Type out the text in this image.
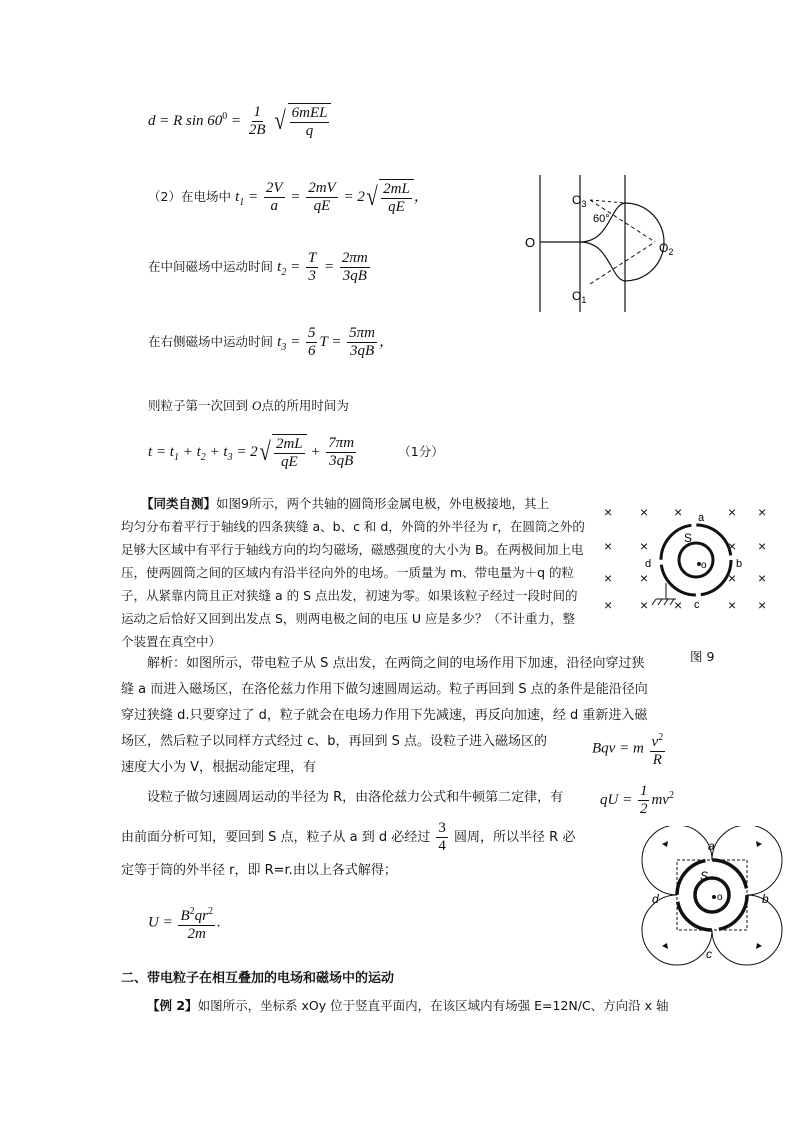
d = R $\sin 60^0 = \frac{1}{2B}$
√ $\frac{\text{6mEL}}{q}$
（2）在电场中 $t_1 = \frac{2V}{a} = \frac{2mV}{qE} = 2$ √ $\frac{2mL}{qE}$ ，
在中间磁场中运动时间 $t_2 = \frac{T}{3} = \frac{2\pi m}{3qB}$
在右侧磁场中运动时间 $t_3 = \frac{5}{6}$ $T = \frac{5\pi m}{3qB}$ ，
则粒子第一次回到 O点的所用时间为
$t = t_1 + t_2 + t_3 = 2$ √ $\frac{2mL}{qE} + \frac{7\pi m}{3qB}$	（1分）
O
$O_3$
60°
$O_2$
$O_1$
【同类自测】如图9所示，两个共轴的圆筒形金属电极，外电极接地，其上
均匀分布着平行于轴线的四条狭缝 a、b、c 和 d，外筒的外半径为 r，在圆筒之外的
足够大区域中有平行于轴线方向的均匀磁场，磁感强度的大小为 B。在两极间加上电
压，使两圆筒之间的区域内有沿半径向外的电场。一质量为 m、带电量为＋q 的粒
子，从紧靠内筒且正对狭缝 a 的 S 点出发，初速为零。如果该粒子经过一段时间的
运动之后恰好又回到出发点 S，则两电极之间的电压 U 应是多少？（不计重力，整
个装置在真空中）
× × ×	× ×
× ×	× ×
× ×	× ×
× × ×	× ×
a
b
c
d
S
o
图 9
解析：如图所示，带电粒子从 S 点出发，在两筒之间的电场作用下加速，沿径向穿过狭
缝 a 而进入磁场区，在洛伦兹力作用下做匀速圆周运动。粒子再回到 S 点的条件是能沿径向
穿过狭缝 d.只要穿过了 d，粒子就会在电场力作用下先减速，再反向加速，经 d 重新进入磁
场区，然后粒子以同样方式经过 c、b，再回到 S 点。设粒子进入磁场区的
速度大小为 V，根据动能定理，有
Bqv = m $\frac{v^2}{R}$
设粒子做匀速圆周运动的半径为 R，由洛伦兹力公式和牛顿第二定律，有 qU = $\frac{1}{2} mv^2$
由前面分析可知，要回到 S 点，粒子从 a 到 d 必经过 $\frac{3}{4}$ 圆周，所以半径 R 必
定等于筒的外半径 r，即 R=r.由以上各式解得；
$U = \frac{B^2qr^2}{2m}$ .
a
b
c
d
S
o
二、带电粒子在相互叠加的电场和磁场中的运动
【例 2】如图所示，坐标系 xOy 位于竖直平面内，在该区域内有场强 E=12N/C、方向沿 x 轴
